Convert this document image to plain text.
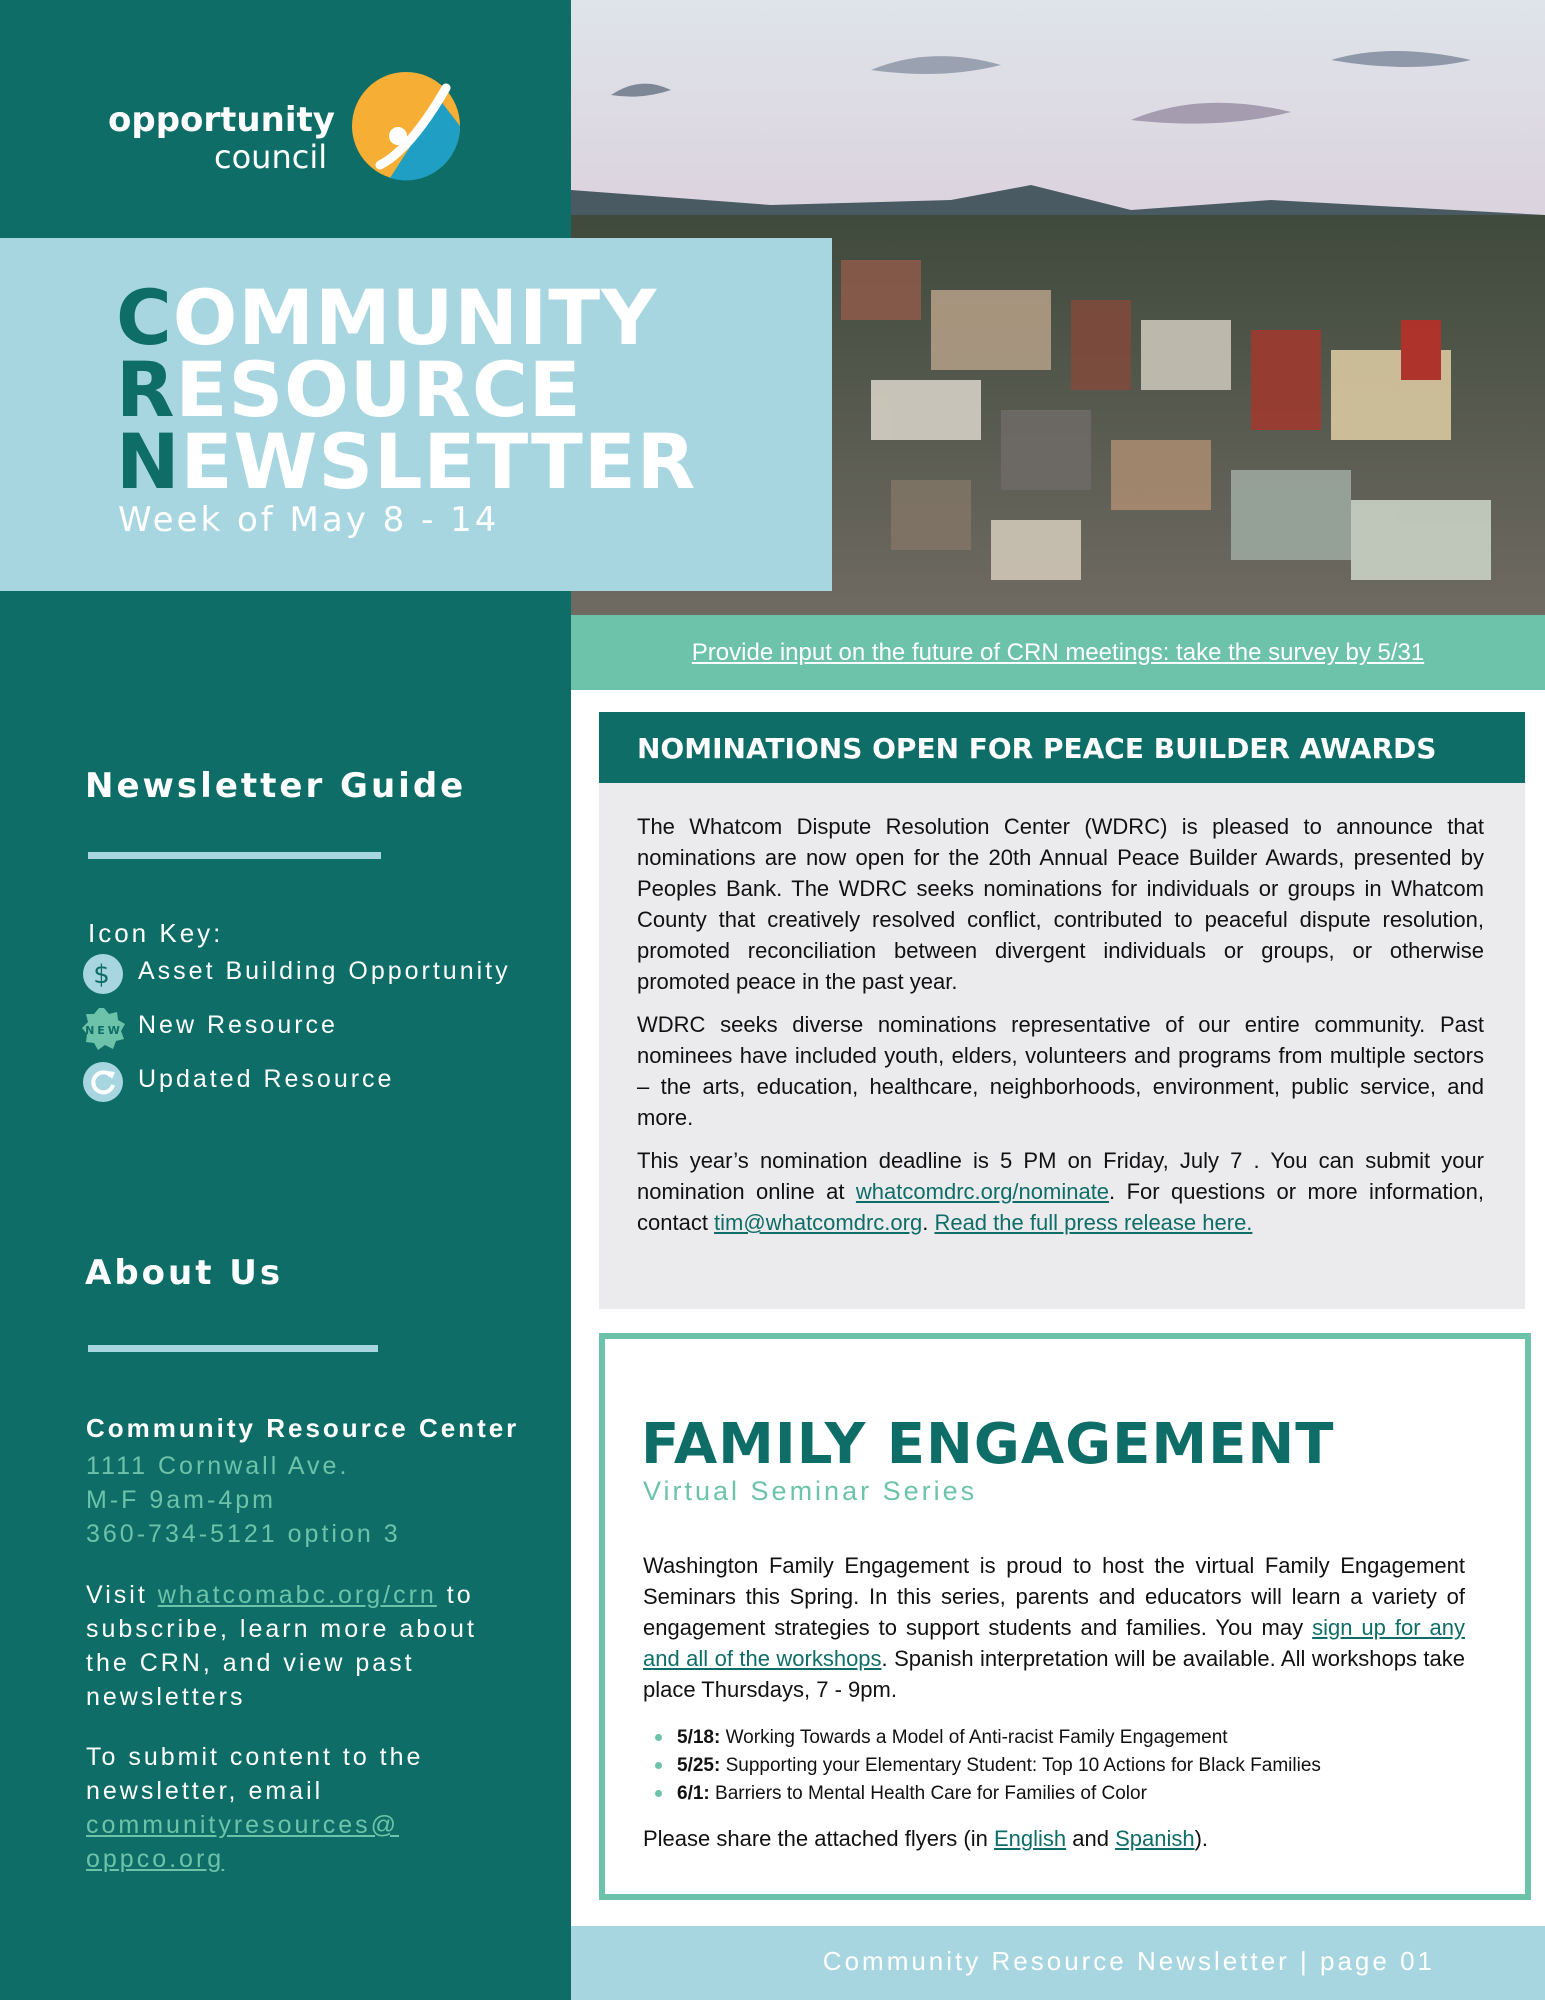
opportunity
council
Newsletter Guide
Icon Key:
$ Asset Building Opportunity
NEW New Resource
Updated Resource
About Us
Community Resource Center
1111 Cornwall Ave.
M-F 9am-4pm
360-734-5121 option 3
Visit whatcomabc.org/crn to subscribe, learn more about the CRN, and view past newsletters
To submit content to the newsletter, email communityresources@ oppco.org
COMMUNITY
RESOURCE
NEWSLETTER
Week of May 8 - 14
Provide input on the future of CRN meetings: take the survey by 5/31
NOMINATIONS OPEN FOR PEACE BUILDER AWARDS
The Whatcom Dispute Resolution Center (WDRC) is pleased to announce that nominations are now open for the 20th Annual Peace Builder Awards, presented by Peoples Bank. The WDRC seeks nominations for individuals or groups in Whatcom County that creatively resolved conflict, contributed to peaceful dispute resolution, promoted reconciliation between divergent individuals or groups, or otherwise promoted peace in the past year.
WDRC seeks diverse nominations representative of our entire community. Past nominees have included youth, elders, volunteers and programs from multiple sectors – the arts, education, healthcare, neighborhoods, environment, public service, and more.
This year’s nomination deadline is 5 PM on Friday, July 7 . You can submit your nomination online at whatcomdrc.org/nominate. For questions or more information, contact tim@whatcomdrc.org. Read the full press release here.
FAMILY ENGAGEMENT
Virtual Seminar Series
Washington Family Engagement is proud to host the virtual Family Engagement Seminars this Spring. In this series, parents and educators will learn a variety of engagement strategies to support students and families. You may sign up for any and all of the workshops. Spanish interpretation will be available. All workshops take place Thursdays, 7 - 9pm.
5/18: Working Towards a Model of Anti-racist Family Engagement
5/25: Supporting your Elementary Student: Top 10 Actions for Black Families
6/1: Barriers to Mental Health Care for Families of Color
Please share the attached flyers (in English and Spanish).
Community Resource Newsletter | page 01
